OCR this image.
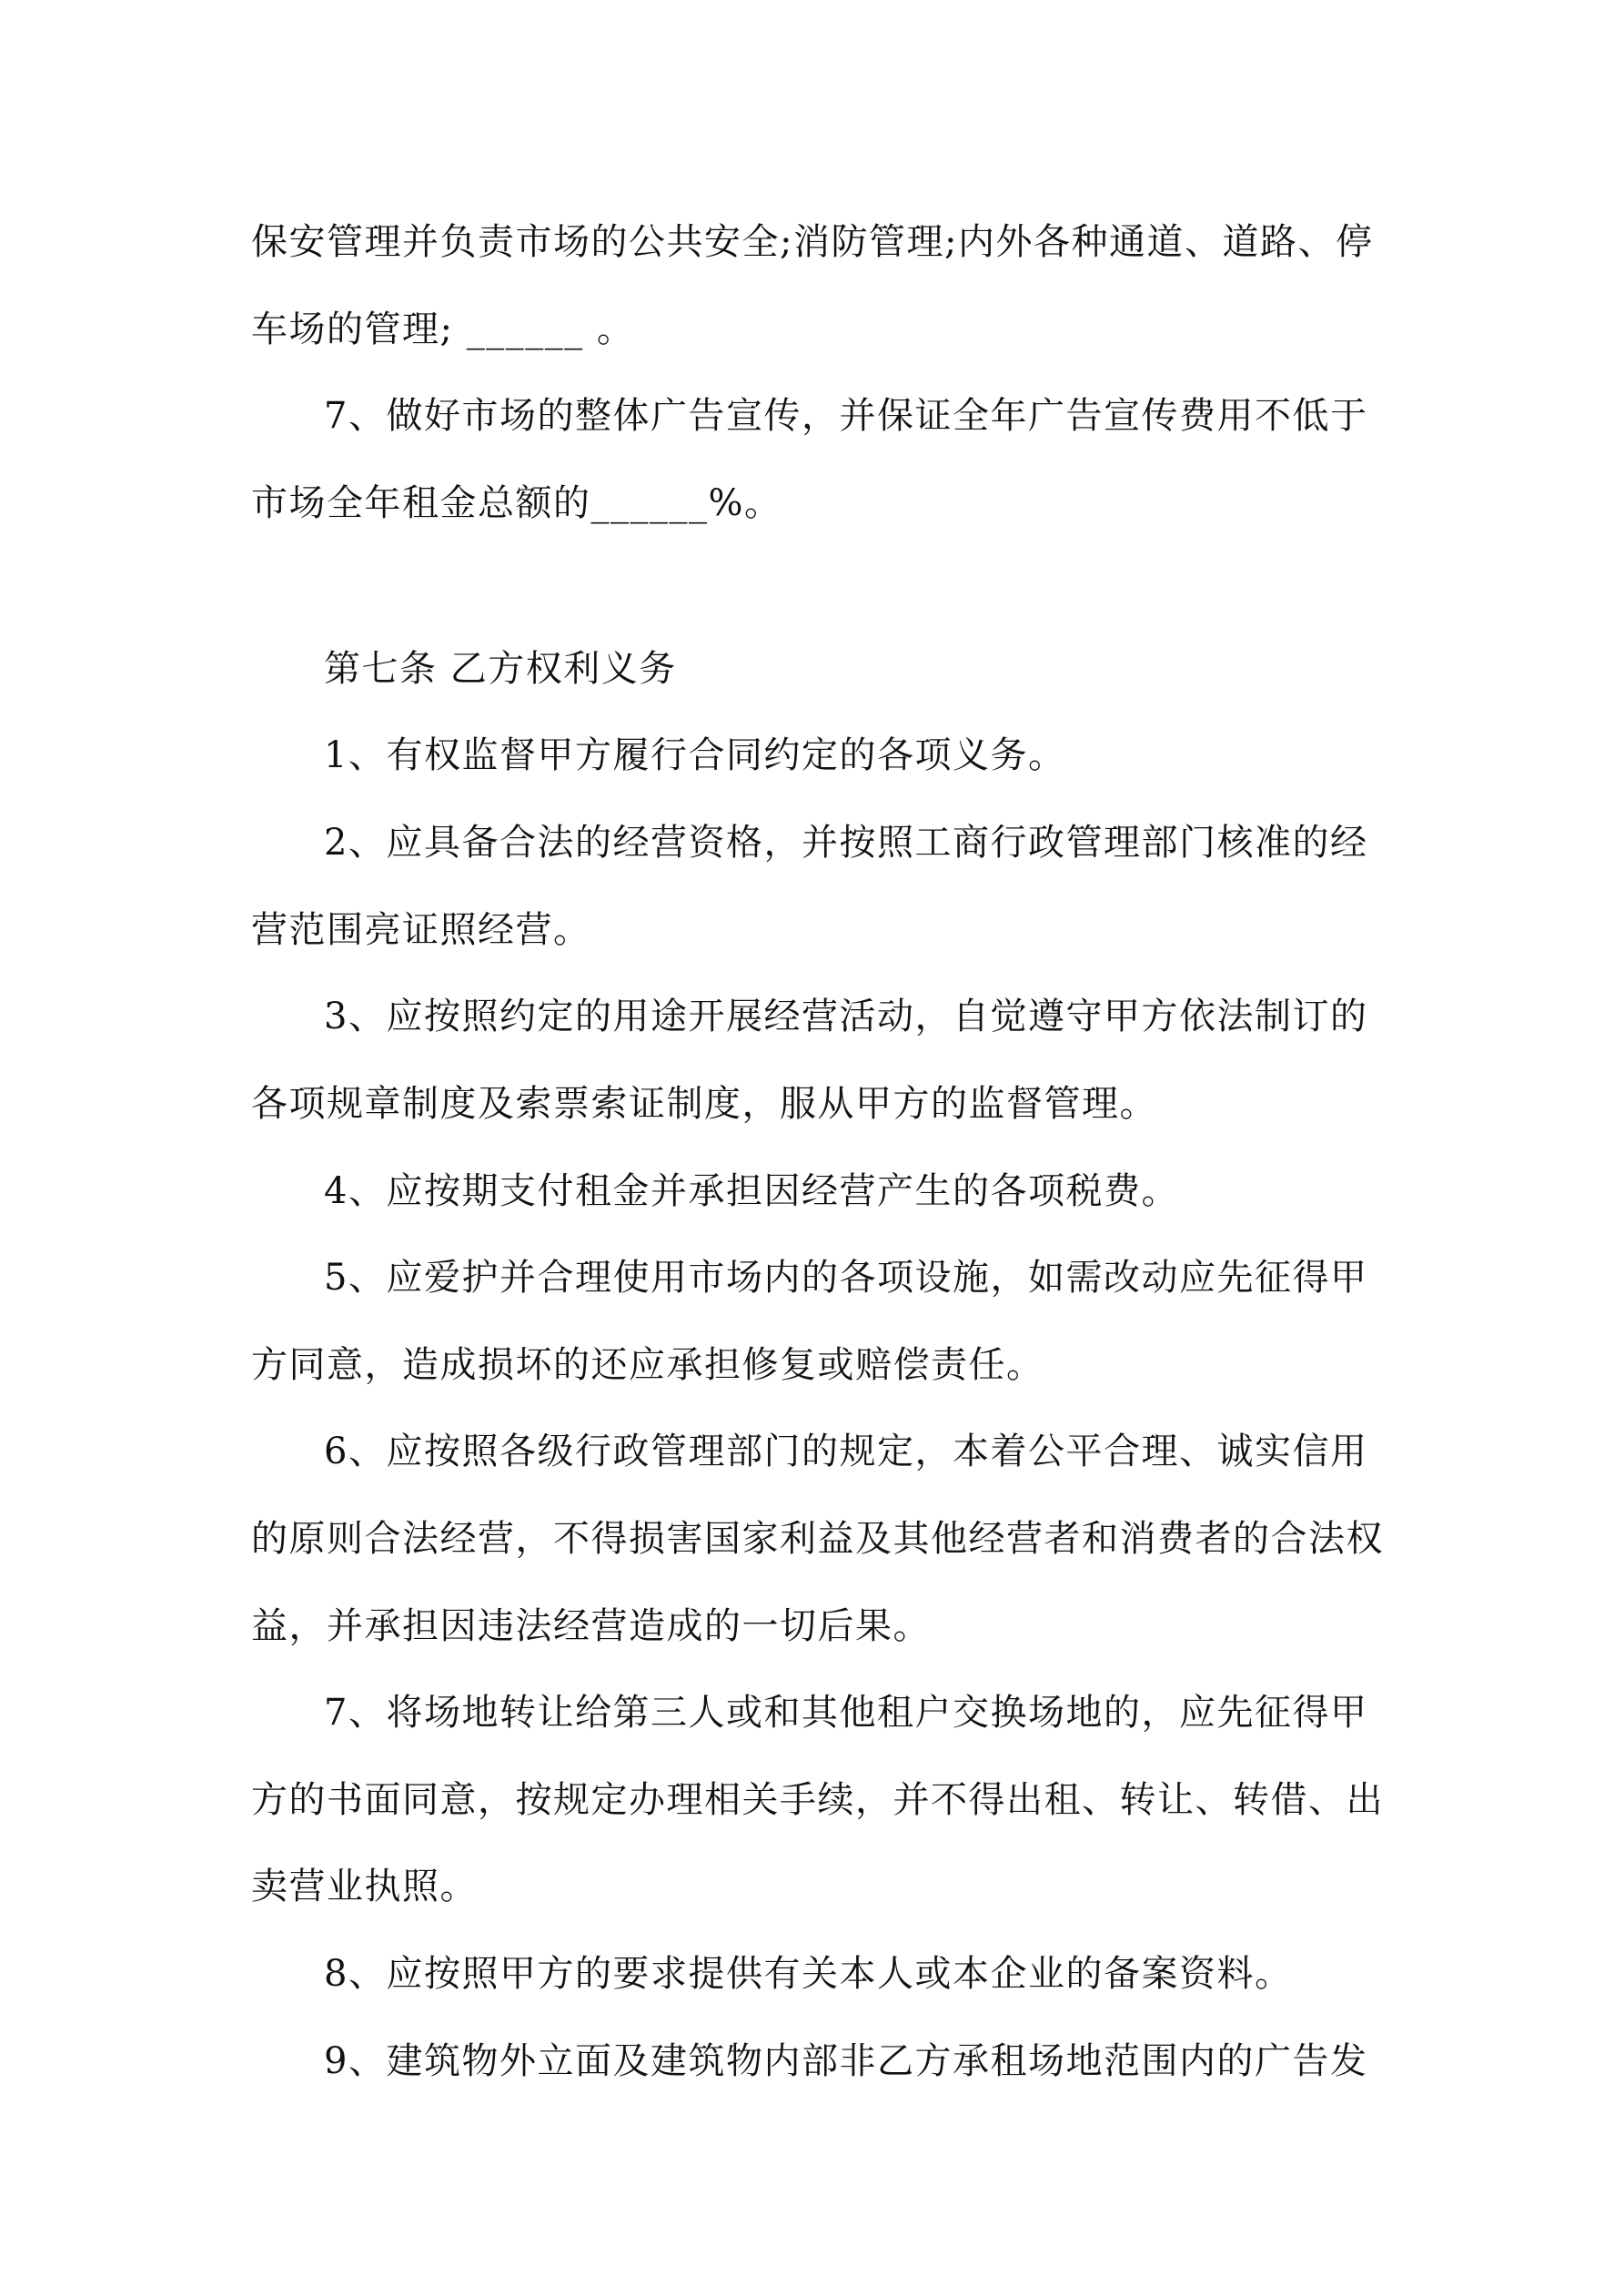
保安管理并负责市场的公共安全;消防管理;内外各种通道、道路、停
车场的管理; ______ 。
7、做好市场的整体广告宣传，并保证全年广告宣传费用不低于
市场全年租金总额的______%。
第七条 乙方权利义务
1、有权监督甲方履行合同约定的各项义务。
2、应具备合法的经营资格，并按照工商行政管理部门核准的经
营范围亮证照经营。
3、应按照约定的用途开展经营活动，自觉遵守甲方依法制订的
各项规章制度及索票索证制度，服从甲方的监督管理。
4、应按期支付租金并承担因经营产生的各项税费。
5、应爱护并合理使用市场内的各项设施，如需改动应先征得甲
方同意，造成损坏的还应承担修复或赔偿责任。
6、应按照各级行政管理部门的规定，本着公平合理、诚实信用
的原则合法经营，不得损害国家利益及其他经营者和消费者的合法权
益，并承担因违法经营造成的一切后果。
7、将场地转让给第三人或和其他租户交换场地的，应先征得甲
方的书面同意，按规定办理相关手续，并不得出租、转让、转借、出
卖营业执照。
8、应按照甲方的要求提供有关本人或本企业的备案资料。
9、建筑物外立面及建筑物内部非乙方承租场地范围内的广告发
